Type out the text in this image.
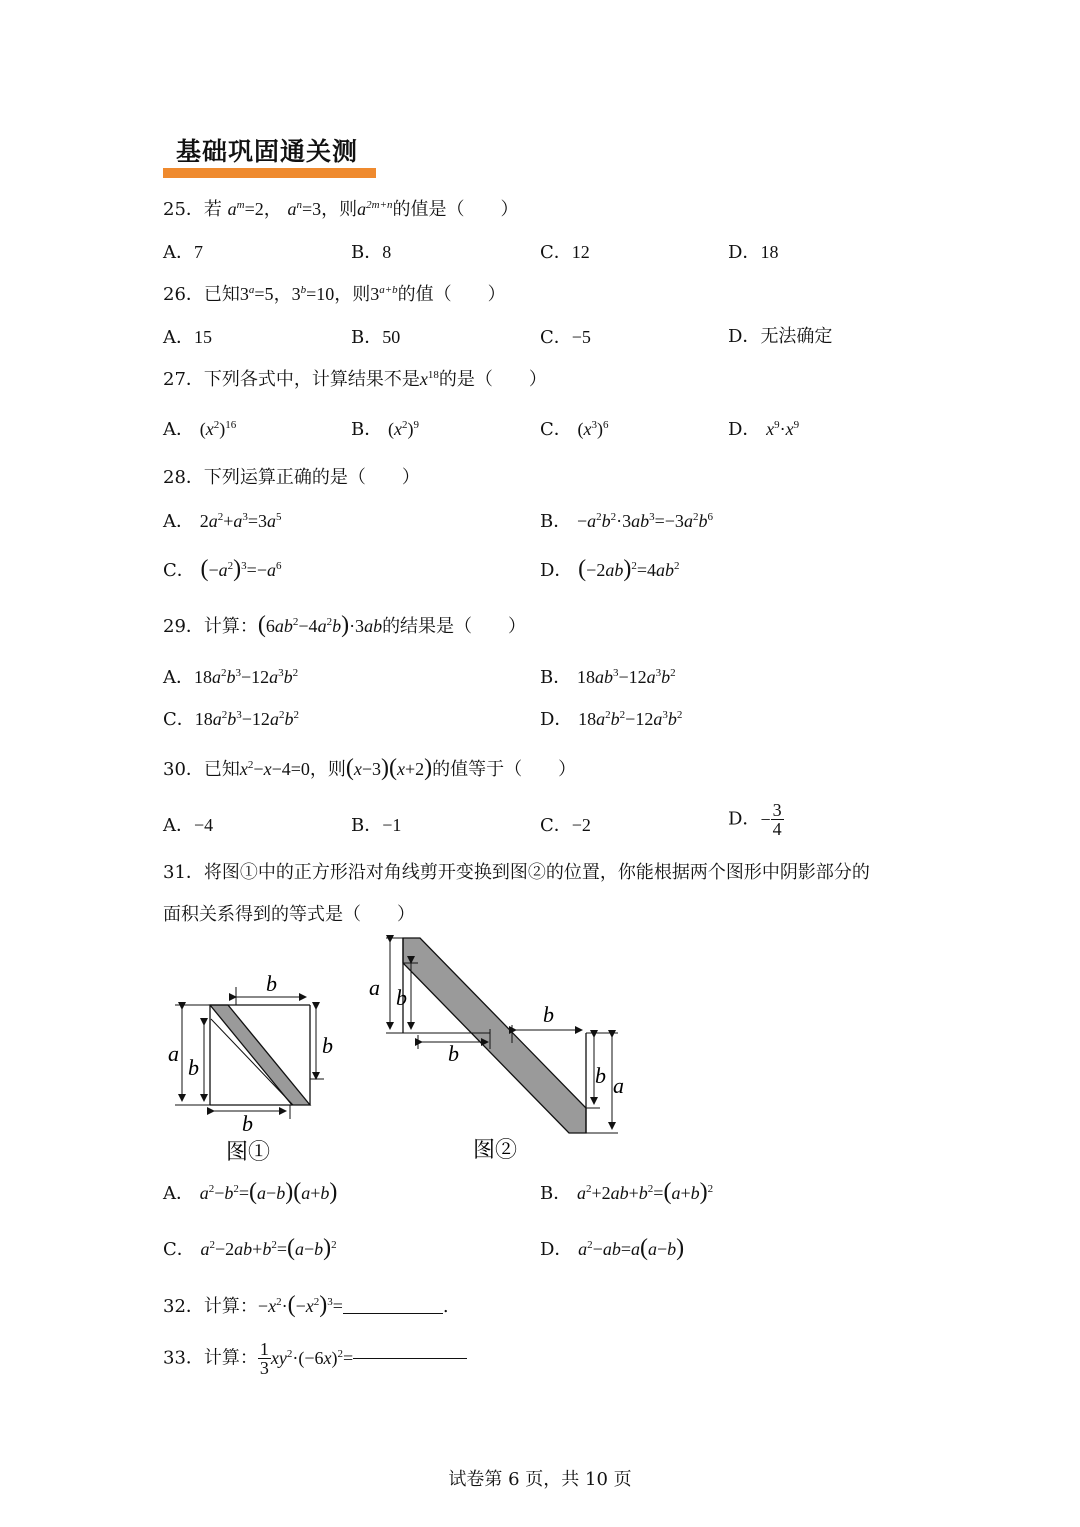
基础巩固通关测
25．若 $a^m=2$， $a^n=3$，则$a^{2m+n}$的值是（　　）
A．7	B．8	C．12	D．18
26．已知$3^a=5$，$3^b=10$，则$3^{a+b}$的值（　　）
A．15	B．50	C．−5	D．无法确定
27．下列各式中，计算结果不是$x^{18}$的是（　　）
A． $(x^2)^{16}$	B． $(x^2)^9$	C． $(x^3)^6$	D． $x^9\cdot x^9$
28．下列运算正确的是（　　）
A． $2a^2+a^3=3a^5$	B． $-a^2b^2\cdot 3ab^3=-3a^2b^6$
C． $(-a^2)^3=-a^6$	D． $(-2ab)^2=4ab^2$
29．计算：$(6ab^2-4a^2b)\cdot 3ab$的结果是（　　）
A．$18a^2b^3-12a^3b^2$	B． $18ab^3-12a^3b^2$
C．$18a^2b^3-12a^2b^2$	D． $18a^2b^2-12a^3b^2$
30．已知$x^2-x-4=0$，则(x−3)(x+2)的值等于（　　）
A．−4	B．−1	C．−2	D．− $\frac{3}{4}$
31．将图①中的正方形沿对角线剪开变换到图②的位置，你能根据两个图形中阴影部分的
面积关系得到的等式是（　　）
a
b
b
b
b
图①
a b
b
b
b a
图②
A． $a^2-b^2=(a-b)(a+b)$	B． $a^2+2ab+b^2=(a+b)^2$
C． $a^2-2ab+b^2=(a-b)^2$	D． $a^2-ab=a(a-b)$
32．计算：$-x^2\cdot(-x^2)^3=$	.
33．计算： $\frac{1}{3} xy^2\cdot(-6x)^2=$
试卷第 6 页，共 10 页
